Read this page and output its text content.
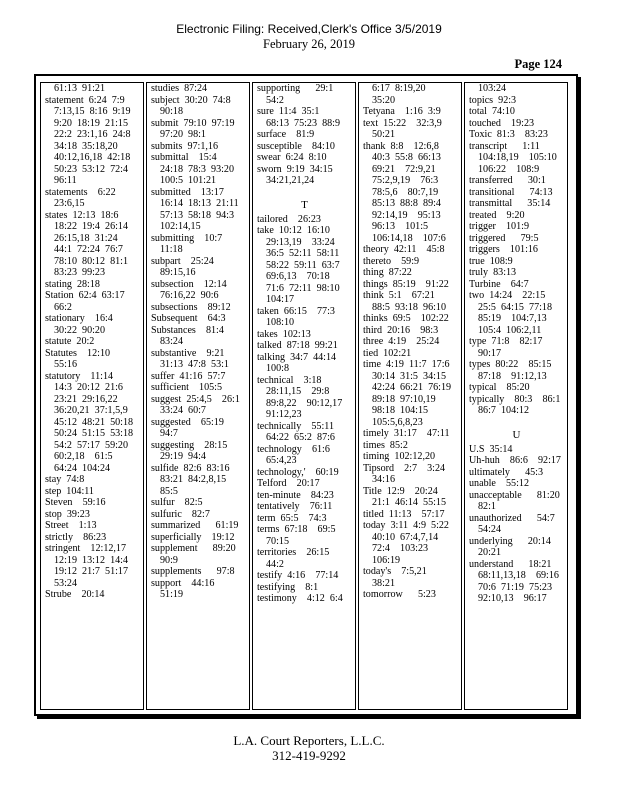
Electronic Filing: Received,Clerk's Office 3/5/2019
February 26, 2019
Page 124
61:13  91:21
statement  6:24  7:9
7:13,15  8:16  9:19
9:20  18:19  21:15
22:2  23:1,16  24:8
34:18  35:18,20
40:12,16,18  42:18
50:23  53:12  72:4
96:11
statements    6:22
23:6,15
states  12:13  18:6
18:22  19:4  26:14
26:15,18  31:24
44:1  72:24  76:7
78:10  80:12  81:1
83:23  99:23
stating  28:18
Station  62:4  63:17
66:2
stationary    16:4
30:22  90:20
statute  20:2
Statutes    12:10
55:16
statutory    11:14
14:3  20:12  21:6
23:21  29:16,22
36:20,21  37:1,5,9
45:12  48:21  50:18
50:24  51:15  53:18
54:2  57:17  59:20
60:2,18    61:5
64:24  104:24
stay  74:8
step  104:11
Steven    59:16
stop  39:23
Street    1:13
strictly    86:23
stringent    12:12,17
12:19  13:12  14:4
19:12  21:7  51:17
53:24
Strube    20:14
studies  87:24
subject  30:20  74:8
90:18
submit  79:10  97:19
97:20  98:1
submits  97:1,16
submittal    15:4
24:18  78:3  93:20
100:5  101:21
submitted    13:17
16:14  18:13  21:11
57:13  58:18  94:3
102:14,15
submitting    10:7
11:18
subpart    25:24
89:15,16
subsection    12:14
76:16,22  90:6
subsections    89:12
Subsequent    64:3
Substances    81:4
83:24
substantive    9:21
31:13  47:8  53:1
suffer  41:16  57:7
sufficient    105:5
suggest  25:4,5    26:1
33:24  60:7
suggested    65:19
94:7
suggesting    28:15
29:19  94:4
sulfide  82:6  83:16
83:21  84:2,8,15
85:5
sulfur    82:5
sulfuric    82:7
summarized      61:19
superficially    19:12
supplement      89:20
90:9
supplements      97:8
support    44:16
51:19
supporting      29:1
54:2
sure  11:4  35:1
68:13  75:23  88:9
surface    81:9
susceptible    84:10
swear  6:24  8:10
sworn  9:19  34:15
34:21,21,24
T
tailored    26:23
take  10:12  16:10
29:13,19    33:24
36:5  52:11  58:11
58:22  59:11  63:7
69:6,13    70:18
71:6  72:11  98:10
104:17
taken  66:15    77:3
108:10
takes  102:13
talked  87:18  99:21
talking  34:7  44:14
100:8
technical    3:18
28:11,15    29:8
89:8,22    90:12,17
91:12,23
technically    55:11
64:22  65:2  87:6
technology    61:6
65:4,23
technology,'    60:19
Telford    20:17
ten-minute    84:23
tentatively    76:11
term  65:5    74:3
terms  67:18    69:5
70:15
territories    26:15
44:2
testify  4:16    77:14
testifying    8:1
testimony    4:12  6:4
6:17  8:19,20
35:20
Tetyana    1:16  3:9
text  15:22    32:3,9
50:21
thank  8:8    12:6,8
40:3  55:8  66:13
69:21    72:9,21
75:2,9,19    76:3
78:5,6    80:7,19
85:13  88:8  89:4
92:14,19    95:13
96:13    101:5
106:14,18    107:6
theory  42:11    45:8
thereto    59:9
thing  87:22
things  85:19    91:22
think  5:1    67:21
88:5  93:18  96:10
thinks  69:5    102:22
third  20:16    98:3
three  4:19    25:24
tied  102:21
time  4:19  11:7  17:6
30:14  31:5  34:15
42:24  66:21  76:19
89:18  97:10,19
98:18  104:15
105:5,6,8,23
timely  31:17    47:11
times  85:2
timing  102:12,20
Tipsord    2:7    3:24
34:16
Title  12:9    20:24
21:1  46:14  55:15
titled  11:13    57:17
today  3:11  4:9  5:22
40:10  67:4,7,14
72:4    103:23
106:19
today's    7:5,21
38:21
tomorrow      5:23
103:24
topics  92:3
total  74:10
touched    19:23
Toxic  81:3    83:23
transcript      1:11
104:18,19    105:10
106:22    108:9
transferred      30:1
transitional      74:13
transmittal      35:14
treated    9:20
trigger    101:9
triggered      79:5
triggers    101:16
true  108:9
truly  83:13
Turbine    64:7
two  14:24    22:15
25:5  64:15  77:18
85:19    104:7,13
105:4  106:2,11
type  71:8    82:17
90:17
types  80:22    85:15
87:18    91:12,13
typical    85:20
typically    80:3    86:1
86:7  104:12
U
U.S  35:14
Uh-huh    86:6    92:17
ultimately      45:3
unable    55:12
unacceptable      81:20
82:1
unauthorized      54:7
54:24
underlying      20:14
20:21
understand      18:21
68:11,13,18    69:16
70:6  71:19  75:23
92:10,13    96:17
L.A. Court Reporters, L.L.C.
312-419-9292
